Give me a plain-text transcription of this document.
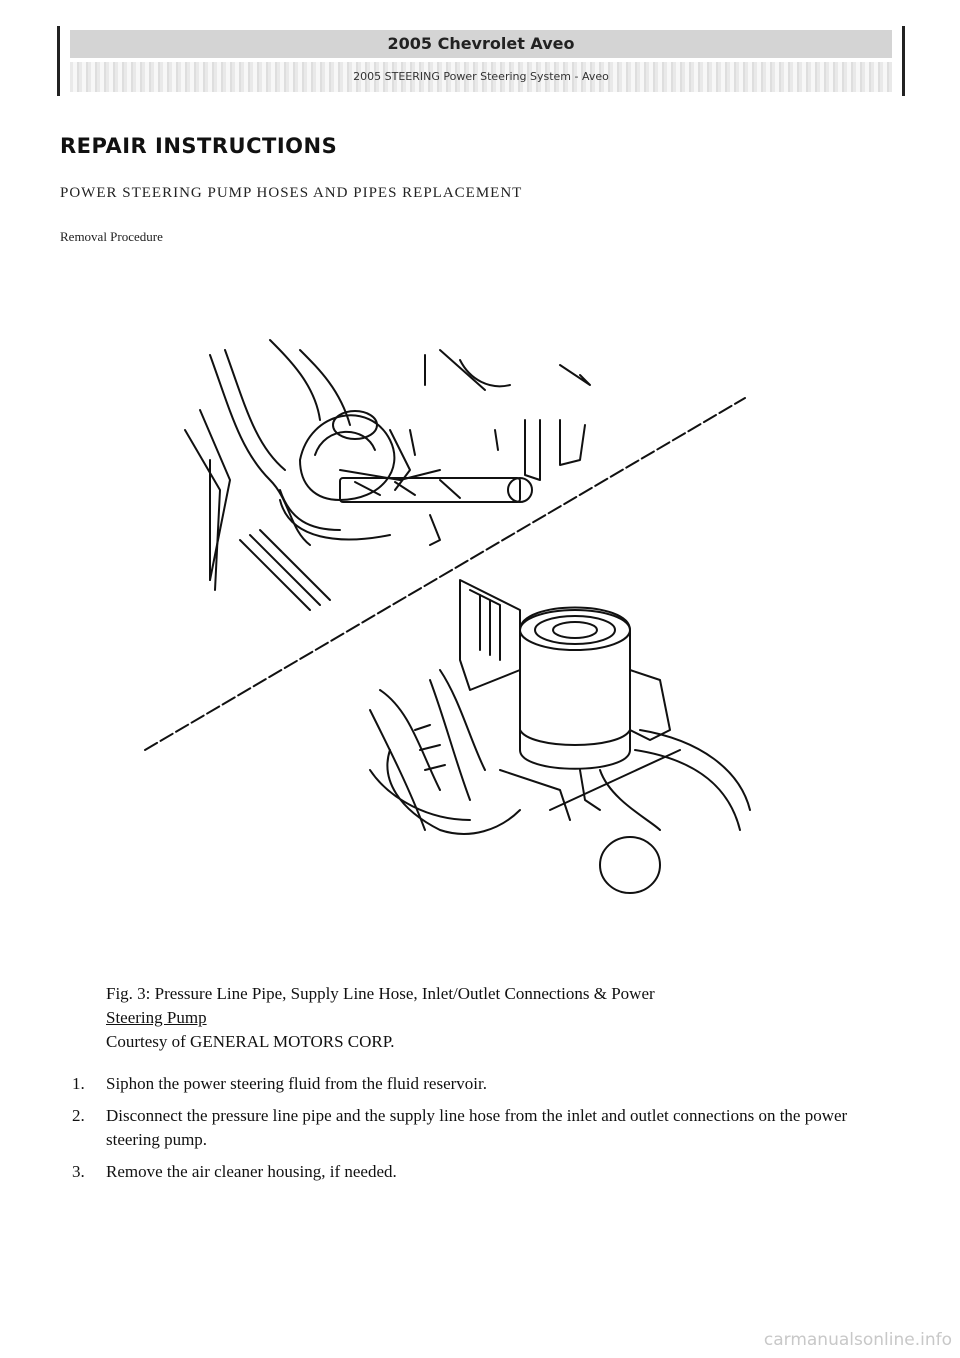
2005 Chevrolet Aveo
2005 STEERING Power Steering System - Aveo
REPAIR INSTRUCTIONS
POWER STEERING PUMP HOSES AND PIPES REPLACEMENT
Removal Procedure
Fig. 3: Pressure Line Pipe, Supply Line Hose, Inlet/Outlet Connections & Power
Steering Pump
Courtesy of GENERAL MOTORS CORP.
1. Siphon the power steering fluid from the fluid reservoir.
2. Disconnect the pressure line pipe and the supply line hose from the inlet and outlet connections on the power steering pump.
3. Remove the air cleaner housing, if needed.
carmanualsonline.info
